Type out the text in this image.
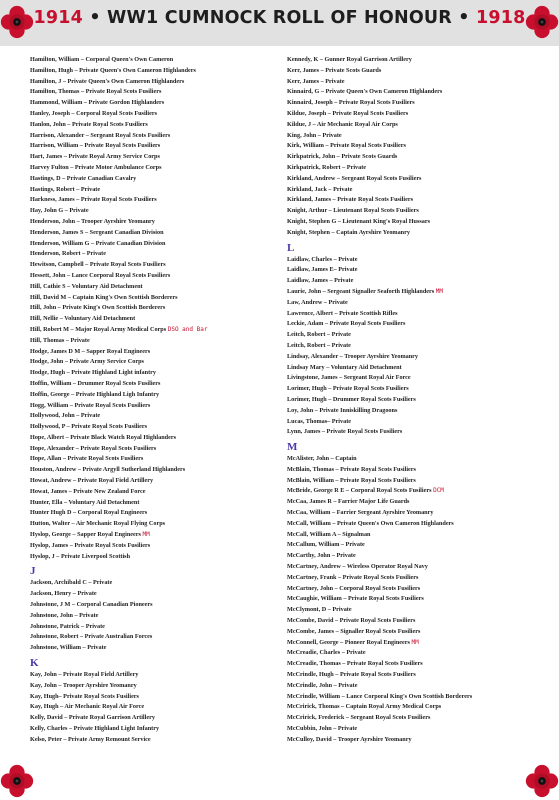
1914 • WW1 CUMNOCK ROLL OF HONOUR • 1918
Hamilton, William – Corporal Queen's Own Cameron
Hamilton, Hugh – Private Queen's Own Cameron Highlanders
Hamilton, J – Private Queen's Own Cameron Highlanders
Hamilton, Thomas – Private Royal Scots Fusiliers
Hammond, William – Private Gordon Highlanders
Hanley, Joseph – Corporal Royal Scots Fusiliers
Hanlon, John – Private Royal Scots Fusiliers
Harrison, Alexander – Sergeant Royal Scots Fusiliers
Harrison, William – Private Royal Scots Fusiliers
Hart, James – Private Royal Army Service Corps
Harvey Fulton – Private Motor Ambulance Corps
Hastings, D – Private Canadian Cavalry
Hastings, Robert – Private
Harkness, James – Private Royal Scots Fusiliers
Hay, John G – Private
Henderson, John – Trooper Ayrshire Yeomanry
Henderson, James S – Sergeant Canadian Division
Henderson, William G – Private Canadian Division
Henderson, Robert – Private
Hewitson, Campbell – Private Royal Scots Fusiliers
Hessett, John – Lance Corporal Royal Scots Fusiliers
Hill, Cathie S – Voluntary Aid Detachment
Hill, David M – Captain King's Own Scottish Borderers
Hill, John – Private King's Own Scottish Borderers
Hill, Nellie – Voluntary Aid Detachment
Hill, Robert M – Major Royal Army Medical Corps DSO and Bar
Hill, Thomas – Private
Hodge, James D M – Sapper Royal Engineers
Hodge, John – Private Army Service Corps
Hodge, Hugh – Private Highland Light infantry
Hoffin, William – Drummer Royal Scots Fusiliers
Hoffin, George – Private Highland Ligh Infantry
Hogg, William – Private Royal Scots Fusiliers
Hollywood, John – Private
Hollywood, P – Private Royal Scots Fusiliers
Hope, Albert – Private Black Watch Royal Highlanders
Hope, Alexander – Private Royal Scots Fusiliers
Hope, Allan – Private Royal Scots Fusiliers
Houston, Andrew – Private Argyll Sutherland Highlanders
Howat, Andrew – Private Royal Field Artillery
Howat, James – Private New Zealand Force
Hunter, Ella – Voluntary Aid Detachment
Hunter Hugh D – Corporal Royal Engineers
Hutton, Walter – Air Mechanic Royal Flying Corps
Hyslop, George – Sapper Royal Engineers MM
Hyslop, James – Private Royal Scots Fusiliers
Hyslop, J – Private Liverpool Scottish
J
Jackson, Archibald C – Private
Jackson, Henry – Private
Johnstone, J M – Corporal Canadian Pioneers
Johnstone, John – Private
Johnstone, Patrick – Private
Johnstone, Robert – Private Australian Forces
Johnstone, William – Private
K
Kay, John – Private Royal Field Artillery
Kay, John – Trooper Ayrshire Yeomanry
Kay, Hugh– Private Royal Scots Fusiliers
Kay, Hugh – Air Mechanic Royal Air Force
Kelly, David – Private Royal Garrison Artillery
Kelly, Charles – Private Highland Light Infantry
Kelso, Peter – Private Army Remount Service
Kennedy, K – Gunner Royal Garrison Artillery
Kerr, James – Private Scots Guards
Kerr, James – Private
Kinnaird, G – Private Queen's Own Cameron Highlanders
Kinnaird, Joseph – Private Royal Scots Fusiliers
Kildue, Joseph – Private Royal Scots Fusiliers
Kildue, J – Air Mechanic Royal Air Corps
King, John – Private
Kirk, William – Private Royal Scots Fusiliers
Kirkpatrick, John – Private Scots Guards
Kirkpatrick, Robert – Private
Kirkland, Andrew – Sergeant Royal Scots Fusiliers
Kirkland, Jack – Private
Kirkland, James – Private Royal Scots Fusiliers
Knight, Arthur – Lieutenant Royal Scots Fusiliers
Knight, Stephen G – Lieutenant King's Royal Hussars
Knight, Stephen – Captain Ayrshire Yeomanry
L
Laidlaw, Charles – Private
Laidlaw, James E– Private
Laidlaw, James – Private
Laurie, John – Sergeant Signaller Seaforth Highlanders MM
Law, Andrew – Private
Lawrence, Albert – Private Scottish Rifles
Leckie, Adam – Private Royal Scots Fusiliers
Leitch, Robert – Private
Leitch, Robert – Private
Lindsay, Alexander – Trooper Ayrshire Yeomanry
Lindsay Mary – Voluntary Aid Detachment
Livingstone, James – Sergeant Royal Air Force
Lorimer, Hugh – Private Royal Scots Fusiliers
Lorimer, Hugh – Drummer Royal Scots Fusiliers
Loy, John – Private Inniskilling Dragoons
Lucas, Thomas– Private
Lynn, James – Private Royal Scots Fusiliers
M
McAlister, John – Captain
McBlain, Thomas – Private Royal Scots Fusiliers
McBlain, William – Private Royal Scots Fusiliers
McBride, George R E – Corporal Royal Scots Fusiliers DCM
McCaa, James R – Farrier Major Life Guards
McCaa, William – Farrier Sergeant Ayrshire Yeomanry
McCall, William – Private Queen's Own Cameron Highlanders
McCall, William A – Signalman
McCallum, William – Private
McCarthy, John – Private
McCartney, Andrew – Wireless Operator Royal Navy
McCartney, Frank – Private Royal Scots Fusiliers
McCartney, John – Corporal Royal Scots Fusiliers
McCaughie, William – Private Royal Scots Fusiliers
McClymont, D – Private
McCombe, David – Private Royal Scots Fusiliers
McCombe, James – Signaller Royal Scots Fusiliers
McConnell, George – Pioneer Royal Engineers MM
McCreadie, Charles – Private
McCreadie, Thomas – Private Royal Scots Fusiliers
McCrindle, Hugh – Private Royal Scots Fusiliers
McCrindle, John – Private
McCrindle, William – Lance Corporal King's Own Scottish Borderers
McCririck, Thomas – Captain Royal Army Medical Corps
McCririck, Frederick – Sergeant Royal Scots Fusiliers
McCubbin, John – Private
McCulloy, David – Trooper Ayrshire Yeomanry
